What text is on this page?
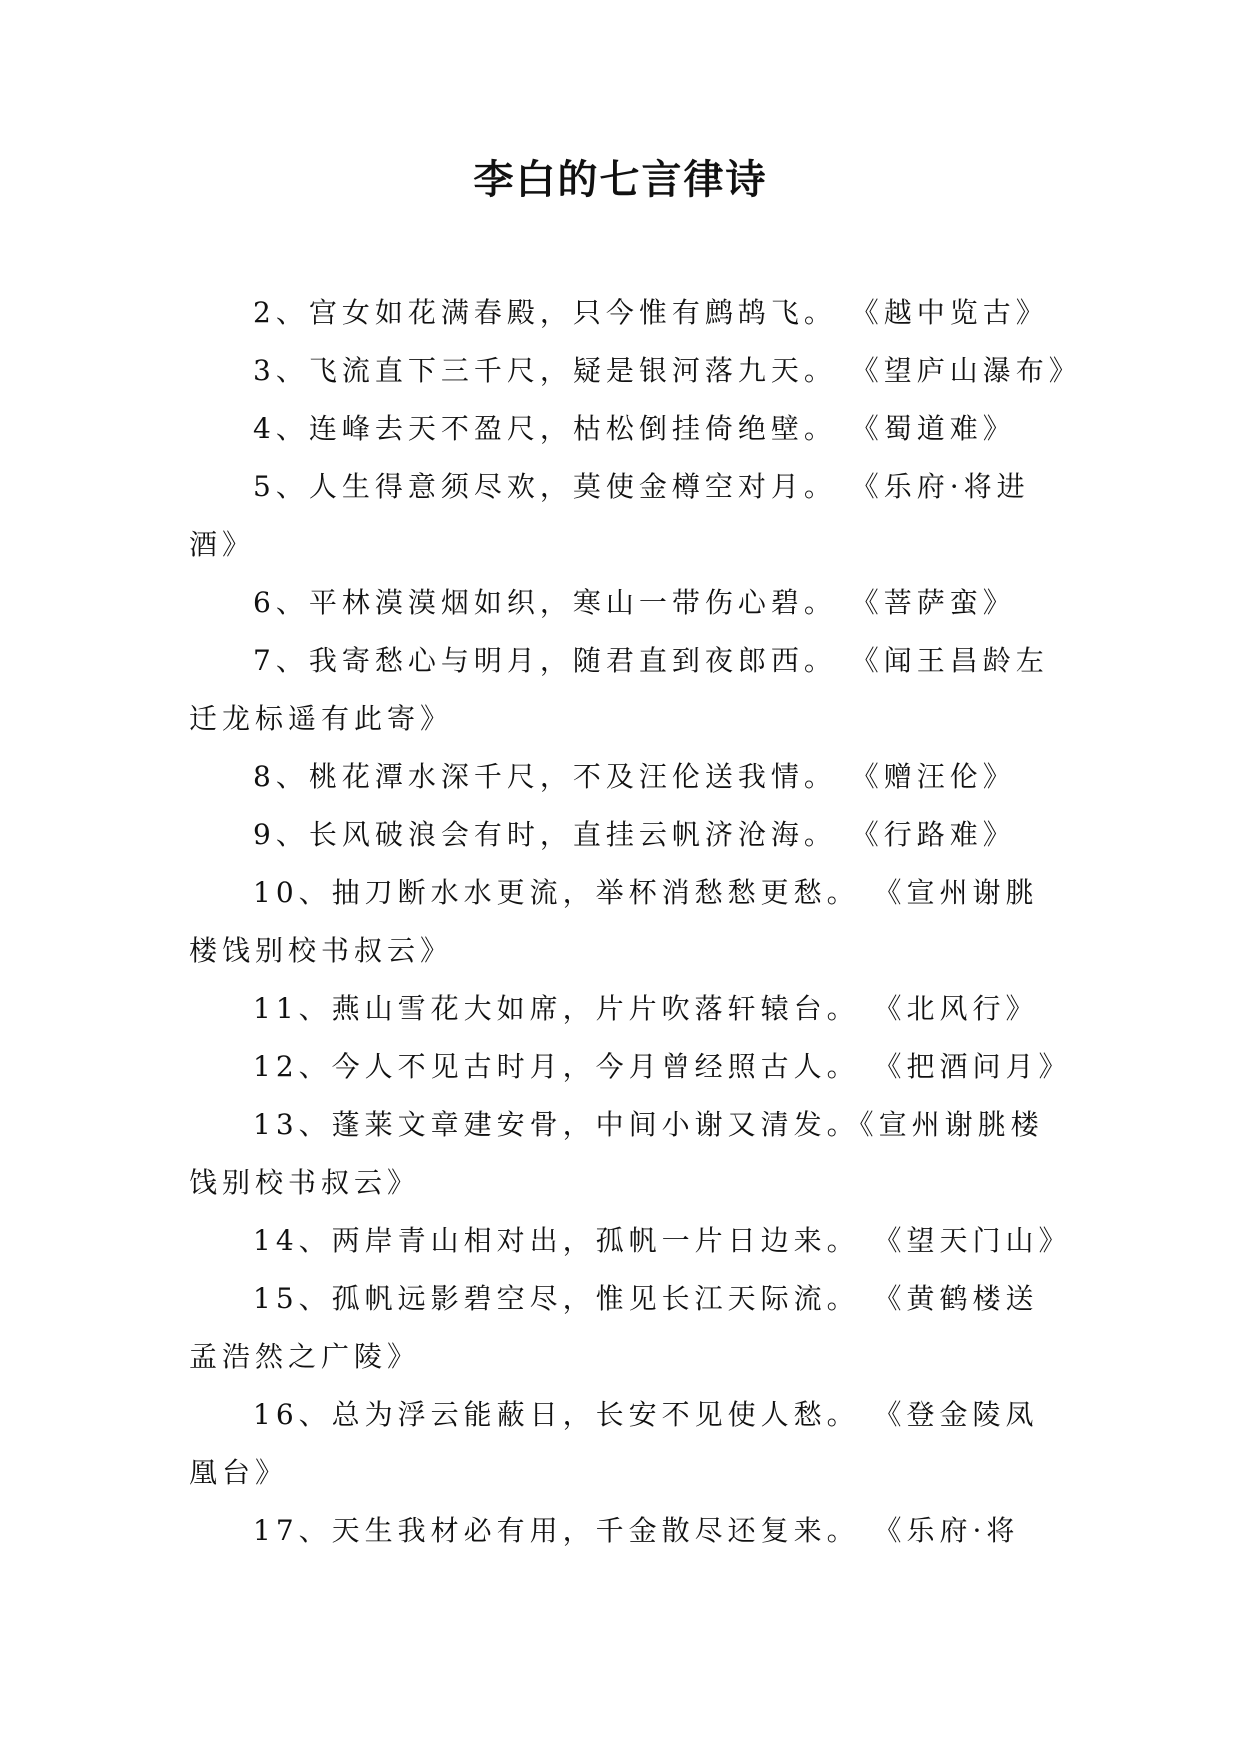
李白的七言律诗

2、宫女如花满春殿，只今惟有鹧鸪飞。 《越中览古》

3、飞流直下三千尺，疑是银河落九天。 《望庐山瀑布》

4、连峰去天不盈尺，枯松倒挂倚绝壁。 《蜀道难》

5、人生得意须尽欢，莫使金樽空对月。 《乐府·将进酒》

6、平林漠漠烟如织，寒山一带伤心碧。 《菩萨蛮》

7、我寄愁心与明月，随君直到夜郎西。 《闻王昌龄左迁龙标遥有此寄》

8、桃花潭水深千尺，不及汪伦送我情。 《赠汪伦》

9、长风破浪会有时，直挂云帆济沧海。 《行路难》

10、抽刀断水水更流，举杯消愁愁更愁。 《宣州谢朓楼饯别校书叔云》

11、燕山雪花大如席，片片吹落轩辕台。 《北风行》

12、今人不见古时月，今月曾经照古人。 《把酒问月》

13、蓬莱文章建安骨，中间小谢又清发。《宣州谢朓楼饯别校书叔云》

14、两岸青山相对出，孤帆一片日边来。 《望天门山》

15、孤帆远影碧空尽，惟见长江天际流。 《黄鹤楼送孟浩然之广陵》

16、总为浮云能蔽日，长安不见使人愁。 《登金陵凤凰台》

17、天生我材必有用，千金散尽还复来。 《乐府·将
